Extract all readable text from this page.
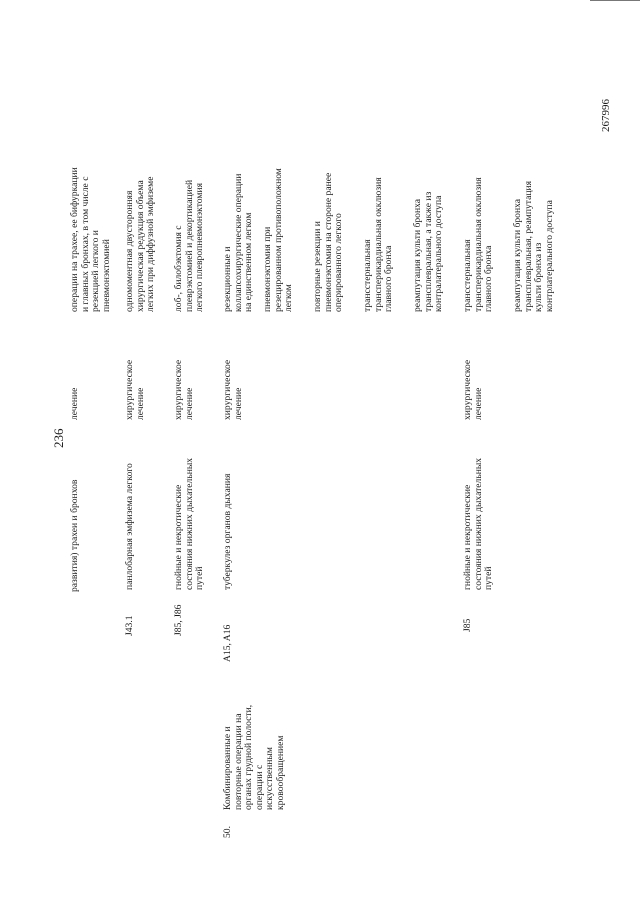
236
267996
развития) трахеи и бронхов
лечение
операции на трахее, ее бифуркации
и главных бронхах, в том числе с
резекцией легкого и
пневмонэктомией
J43.1
панлобарная эмфизема легкого
хирургическое
лечение
одномоментная двусторонняя
хирургическая редукция объема
легких при диффузной эмфиземе
J85, J86
гнойные и некротические
состояния нижних дыхательных
путей
хирургическое
лечение
лоб-, билобэктомия с
плеврэктомией и декортикацией
легкого плевропневмонэктомия
50.
Комбинированные и
повторные операции на
органах грудной полости,
операции с
искусственным
кровообращением
A15, A16
туберкулез органов дыхания
хирургическое
лечение
резекционные и
коллапсохирургические операции
на единственном легком
пневмонэктомия при
резецированном противоположном
легком повторные резекции и
пневмонэктомия на стороне ранее
оперированного легкого
трансстернальная
трансперикардиальная окклюзия
главного бронха реампутация культи бронха
трансплевральная, а также из
контралатерального доступа
J85
гнойные и некротические
состояния нижних дыхательных
путей
хирургическое
лечение
трансстернальная
трансперикардиальная окклюзия
главного бронха реампутация культи бронха
трансплевральная, реампутация
культи бронха из
контрлатерального доступа
